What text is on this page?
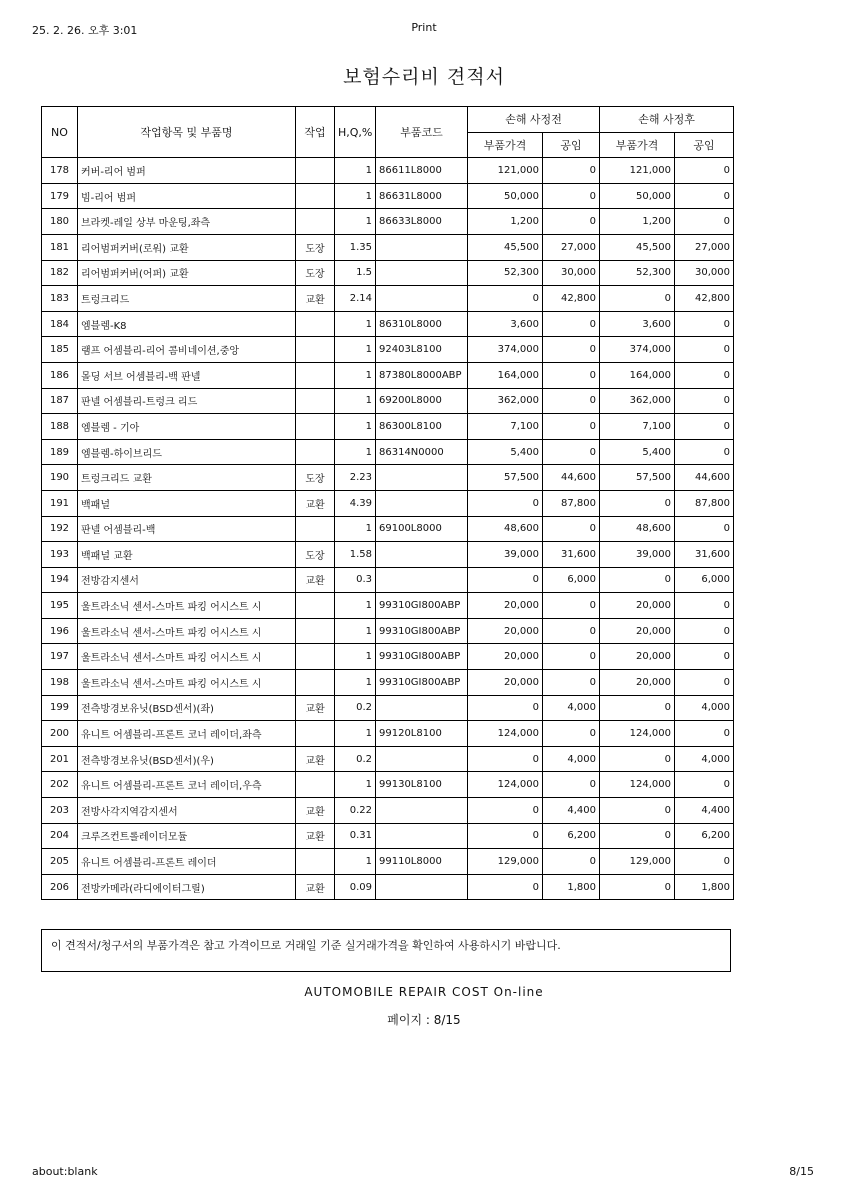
25. 2. 26. 오후 3:01	Print
보험수리비 견적서
NO	작업항목 및 부품명	작업	H,Q,%	부품코드	손해 사정전		손해 사정후	
					부품가격	공임	부품가격	공임
178	커버-리어 범퍼		1	86611L8000	121,000	0	121,000	0
179	빔-리어 범퍼		1	86631L8000	50,000	0	50,000	0
180	브라켓-레일 상부 마운팅,좌측		1	86633L8000	1,200	0	1,200	0
181	리어범퍼커버(로워) 교환	도장	1.35		45,500	27,000	45,500	27,000
182	리어범퍼커버(어퍼) 교환	도장	1.5		52,300	30,000	52,300	30,000
183	트렁크리드	교환	2.14		0	42,800	0	42,800
184	엠블렘-K8		1	86310L8000	3,600	0	3,600	0
185	램프 어셈블리-리어 콤비네이션,중앙		1	92403L8100	374,000	0	374,000	0
186	몰딩 서브 어셈블리-백 판넬		1	87380L8000ABP	164,000	0	164,000	0
187	판넬 어셈블리-트렁크 리드		1	69200L8000	362,000	0	362,000	0
188	엠블렘 - 기아		1	86300L8100	7,100	0	7,100	0
189	엠블렘-하이브리드		1	86314N0000	5,400	0	5,400	0
190	트렁크리드 교환	도장	2.23		57,500	44,600	57,500	44,600
191	백패널	교환	4.39		0	87,800	0	87,800
192	판넬 어셈블리-백		1	69100L8000	48,600	0	48,600	0
193	백패널 교환	도장	1.58		39,000	31,600	39,000	31,600
194	전방감지센서	교환	0.3		0	6,000	0	6,000
195	울트라소닉 센서-스마트 파킹 어시스트 시		1	99310GI800ABP	20,000	0	20,000	0
196	울트라소닉 센서-스마트 파킹 어시스트 시		1	99310GI800ABP	20,000	0	20,000	0
197	울트라소닉 센서-스마트 파킹 어시스트 시		1	99310GI800ABP	20,000	0	20,000	0
198	울트라소닉 센서-스마트 파킹 어시스트 시		1	99310GI800ABP	20,000	0	20,000	0
199	전측방경보유닛(BSD센서)(좌)	교환	0.2		0	4,000	0	4,000
200	유니트 어셈블리-프론트 코너 레이더,좌측		1	99120L8100	124,000	0	124,000	0
201	전측방경보유닛(BSD센서)(우)	교환	0.2		0	4,000	0	4,000
202	유니트 어셈블리-프론트 코너 레이더,우측		1	99130L8100	124,000	0	124,000	0
203	전방사각지역감지센서	교환	0.22		0	4,400	0	4,400
204	크루즈컨트롤레이더모듈	교환	0.31		0	6,200	0	6,200
205	유니트 어셈블리-프론트 레이더		1	99110L8000	129,000	0	129,000	0
206	전방카메라(라디에이터그릴)	교환	0.09		0	1,800	0	1,800
이 견적서/청구서의 부품가격은 참고 가격이므로 거래일 기준 실거래가격을 확인하여 사용하시기 바랍니다.
AUTOMOBILE REPAIR COST On-line
페이지 : 8/15
about:blank	8/15
